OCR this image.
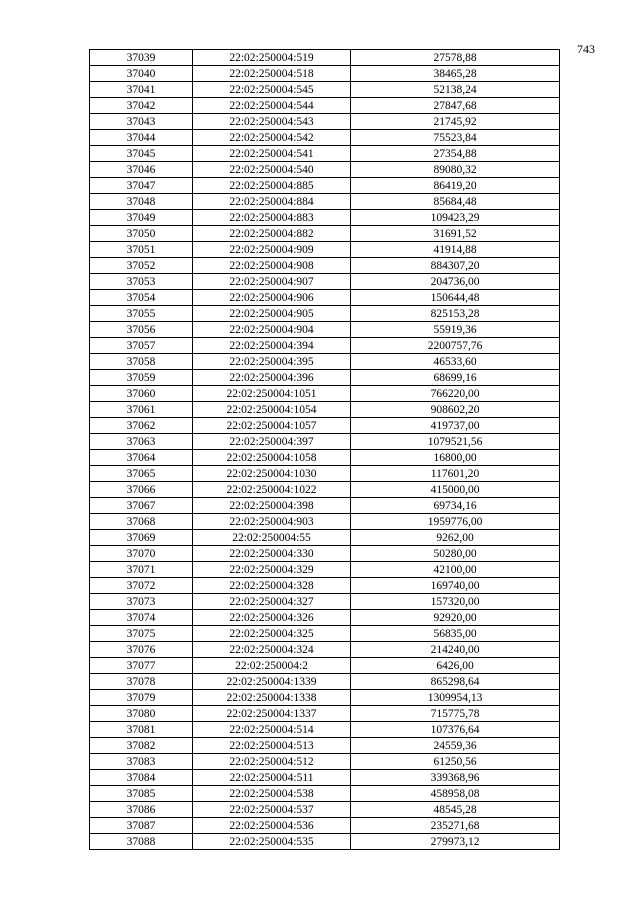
743
37039	22:02:250004:519	27578,88
37040	22:02:250004:518	38465,28
37041	22:02:250004:545	52138,24
37042	22:02:250004:544	27847,68
37043	22:02:250004:543	21745,92
37044	22:02:250004:542	75523,84
37045	22:02:250004:541	27354,88
37046	22:02:250004:540	89080,32
37047	22:02:250004:885	86419,20
37048	22:02:250004:884	85684,48
37049	22:02:250004:883	109423,29
37050	22:02:250004:882	31691,52
37051	22:02:250004:909	41914,88
37052	22:02:250004:908	884307,20
37053	22:02:250004:907	204736,00
37054	22:02:250004:906	150644,48
37055	22:02:250004:905	825153,28
37056	22:02:250004:904	55919,36
37057	22:02:250004:394	2200757,76
37058	22:02:250004:395	46533,60
37059	22:02:250004:396	68699,16
37060	22:02:250004:1051	766220,00
37061	22:02:250004:1054	908602,20
37062	22:02:250004:1057	419737,00
37063	22:02:250004:397	1079521,56
37064	22:02:250004:1058	16800,00
37065	22:02:250004:1030	117601,20
37066	22:02:250004:1022	415000,00
37067	22:02:250004:398	69734,16
37068	22:02:250004:903	1959776,00
37069	22:02:250004:55	9262,00
37070	22:02:250004:330	50280,00
37071	22:02:250004:329	42100,00
37072	22:02:250004:328	169740,00
37073	22:02:250004:327	157320,00
37074	22:02:250004:326	92920,00
37075	22:02:250004:325	56835,00
37076	22:02:250004:324	214240,00
37077	22:02:250004:2	6426,00
37078	22:02:250004:1339	865298,64
37079	22:02:250004:1338	1309954,13
37080	22:02:250004:1337	715775,78
37081	22:02:250004:514	107376,64
37082	22:02:250004:513	24559,36
37083	22:02:250004:512	61250,56
37084	22:02:250004:511	339368,96
37085	22:02:250004:538	458958,08
37086	22:02:250004:537	48545,28
37087	22:02:250004:536	235271,68
37088	22:02:250004:535	279973,12
